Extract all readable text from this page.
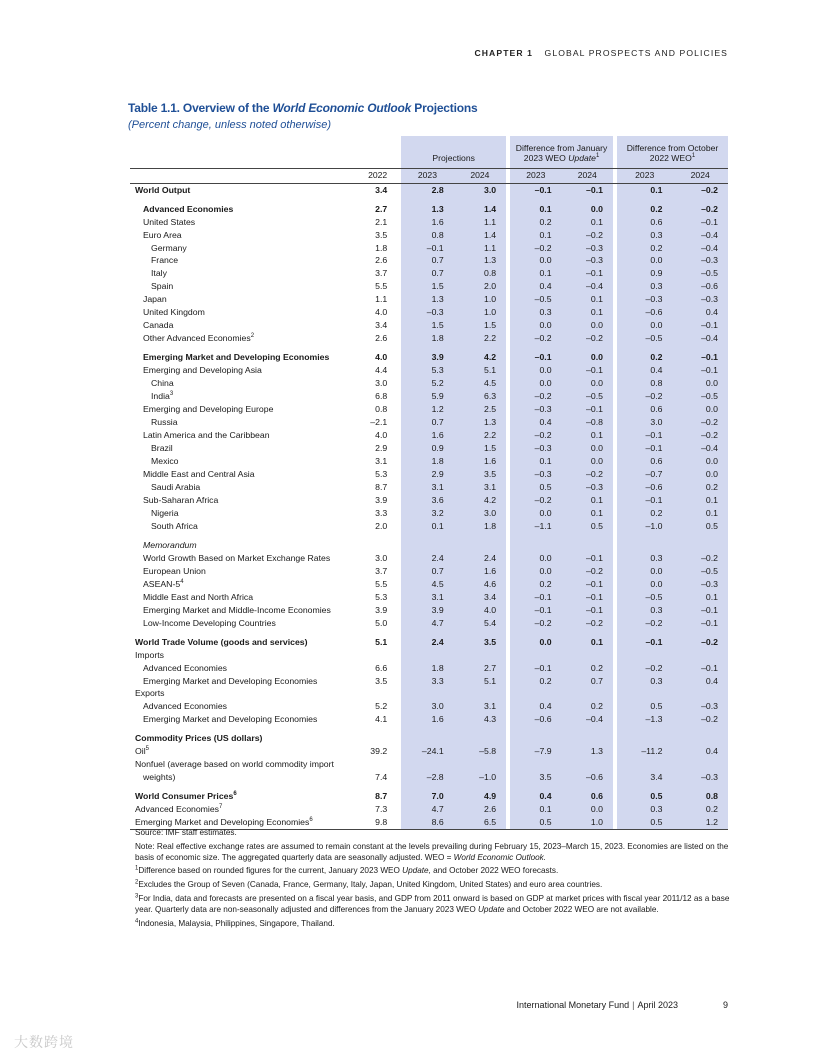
CHAPTER 1 GLOBAL PROSPECTS AND POLICIES
Table 1.1. Overview of the World Economic Outlook Projections
(Percent change, unless noted otherwise)
			Projections			Difference from January
2023 WEO Update$^1$			Difference from October
2022 WEO$^1$
	2022		2023	2024		2023	2024		2023	2024
World Output	3.4		2.8	3.0		–0.1	–0.1		0.1	–0.2

Advanced Economies	2.7		1.3	1.4		0.1	0.0		0.2	–0.2
United States	2.1		1.6	1.1		0.2	0.1		0.6	–0.1
Euro Area	3.5		0.8	1.4		0.1	–0.2		0.3	–0.4
Germany	1.8		–0.1	1.1		–0.2	–0.3		0.2	–0.4
France	2.6		0.7	1.3		0.0	–0.3		0.0	–0.3
Italy	3.7		0.7	0.8		0.1	–0.1		0.9	–0.5
Spain	5.5		1.5	2.0		0.4	–0.4		0.3	–0.6
Japan	1.1		1.3	1.0		–0.5	0.1		–0.3	–0.3
United Kingdom	4.0		–0.3	1.0		0.3	0.1		–0.6	0.4
Canada	3.4		1.5	1.5		0.0	0.0		0.0	–0.1
Other Advanced Economies$^2$	2.6		1.8	2.2		–0.2	–0.2		–0.5	–0.4

Emerging Market and Developing Economies	4.0		3.9	4.2		–0.1	0.0		0.2	–0.1
Emerging and Developing Asia	4.4		5.3	5.1		0.0	–0.1		0.4	–0.1
China	3.0		5.2	4.5		0.0	0.0		0.8	0.0
India$^3$	6.8		5.9	6.3		–0.2	–0.5		–0.2	–0.5
Emerging and Developing Europe	0.8		1.2	2.5		–0.3	–0.1		0.6	0.0
Russia	–2.1		0.7	1.3		0.4	–0.8		3.0	–0.2
Latin America and the Caribbean	4.0		1.6	2.2		–0.2	0.1		–0.1	–0.2
Brazil	2.9		0.9	1.5		–0.3	0.0		–0.1	–0.4
Mexico	3.1		1.8	1.6		0.1	0.0		0.6	0.0
Middle East and Central Asia	5.3		2.9	3.5		–0.3	–0.2		–0.7	0.0
Saudi Arabia	8.7		3.1	3.1		0.5	–0.3		–0.6	0.2
Sub-Saharan Africa	3.9		3.6	4.2		–0.2	0.1		–0.1	0.1
Nigeria	3.3		3.2	3.0		0.0	0.1		0.2	0.1
South Africa	2.0		0.1	1.8		–1.1	0.5		–1.0	0.5

Memorandum										
World Growth Based on Market Exchange Rates	3.0		2.4	2.4		0.0	–0.1		0.3	–0.2
European Union	3.7		0.7	1.6		0.0	–0.2		0.0	–0.5
ASEAN-$5^4$	5.5		4.5	4.6		0.2	–0.1		0.0	–0.3
Middle East and North Africa	5.3		3.1	3.4		–0.1	–0.1		–0.5	0.1
Emerging Market and Middle-Income Economies	3.9		3.9	4.0		–0.1	–0.1		0.3	–0.1
Low-Income Developing Countries	5.0		4.7	5.4		–0.2	–0.2		–0.2	–0.1

World Trade Volume (goods and services)	5.1		2.4	3.5		0.0	0.1		–0.1	–0.2
Imports										
Advanced Economies	6.6		1.8	2.7		–0.1	0.2		–0.2	–0.1
Emerging Market and Developing Economies	3.5		3.3	5.1		0.2	0.7		0.3	0.4
Exports										
Advanced Economies	5.2		3.0	3.1		0.4	0.2		0.5	–0.3
Emerging Market and Developing Economies	4.1		1.6	4.3		–0.6	–0.4		–1.3	–0.2

Commodity Prices (US dollars)										
Oil$^5$	39.2		–24.1	–5.8		–7.9	1.3		–11.2	0.4
Nonfuel (average based on world commodity import										
weights)	7.4		–2.8	–1.0		3.5	–0.6		3.4	–0.3

World Consumer Prices$^6$	8.7		7.0	4.9		0.4	0.6		0.5	0.8
Advanced Economies$^7$	7.3		4.7	2.6		0.1	0.0		0.3	0.2
Emerging Market and Developing Economies$^6$	9.8		8.6	6.5		0.5	1.0		0.5	1.2

Source: IMF staff estimates.

Note: Real effective exchange rates are assumed to remain constant at the levels prevailing during February 15, 2023–March 15, 2023. Economies are listed on the basis of economic size. The aggregated quarterly data are seasonally adjusted. WEO = World Economic Outlook.

$^1$Difference based on rounded figures for the current, January 2023 WEO Update, and October 2022 WEO forecasts.

$^2$Excludes the Group of Seven (Canada, France, Germany, Italy, Japan, United Kingdom, United States) and euro area countries.

$^3$For India, data and forecasts are presented on a fiscal year basis, and GDP from 2011 onward is based on GDP at market prices with fiscal year 2011/12 as a base year. Quarterly data are non-seasonally adjusted and differences from the January 2023 WEO Update and October 2022 WEO are not available.

$^4$Indonesia, Malaysia, Philippines, Singapore, Thailand.

International Monetary Fund | April 2023	9
大数跨境
